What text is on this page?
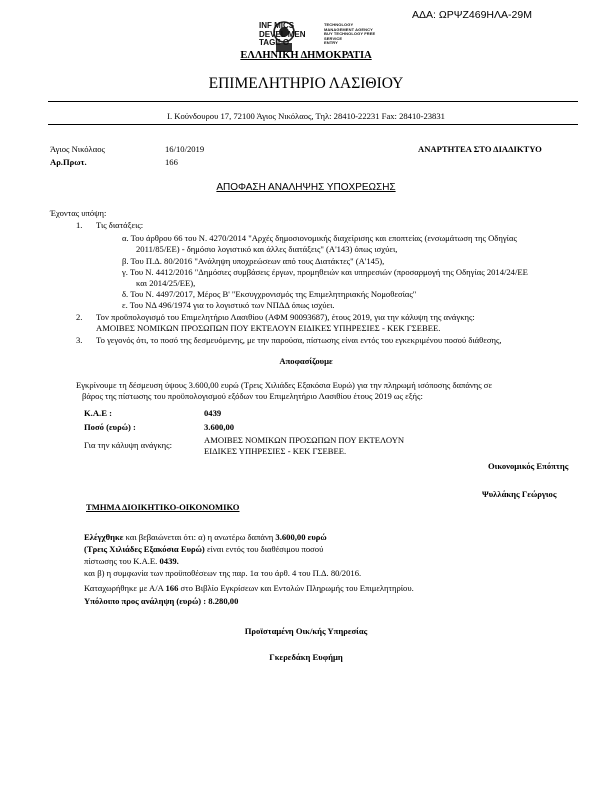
ΑΔΑ: ΩΡΨΖ469ΗΛΑ-29Μ
INF MICS
DEVEL MEN
TAGE O
TECHNOLOGY
MANAGEMENT AGENCY
BUY TECHNOLOGY FREE
SERVICE
ENTRY
ΕΛΛΗΝΙΚΗ ΔΗΜΟΚΡΑΤΙΑ
ΕΠΙΜΕΛΗΤΗΡΙΟ ΛΑΣΙΘΙΟΥ
Ι. Κούνδουρου 17, 72100 Άγιος Νικόλαος, Τηλ: 28410-22231 Fax: 28410-23831
Άγιος Νικόλαος	16/10/2019	ΑΝΑΡΤΗΤΕΑ ΣΤΟ ΔΙΑΔΙΚΤΥΟ
Αρ.Πρωτ.	166
ΑΠΟΦΑΣΗ ΑΝΑΛΗΨΗΣ ΥΠΟΧΡΕΩΣΗΣ
Έχοντας υπόψη:
1. Τις διατάξεις:
α. Του άρθρου 66 του Ν. 4270/2014 "Αρχές δημοσιονομικής διαχείρισης και εποπτείας (ενσωμάτωση της Οδηγίας
2011/85/ΕΕ) - δημόσιο λογιστικό και άλλες διατάξεις" (Α'143) όπως ισχύει,
β. Του Π.Δ. 80/2016 "Ανάληψη υποχρεώσεων από τους Διατάκτες" (Α'145),
γ. Του Ν. 4412/2016 "Δημόσιες συμβάσεις έργων, προμηθειών και υπηρεσιών (προσαρμογή της Οδηγίας 2014/24/ΕΕ
και 2014/25/ΕΕ),
δ. Του Ν. 4497/2017, Μέρος Β' "Εκσυγχρονισμός της Επιμελητηριακής Νομοθεσίας"
ε. Του ΝΔ 496/1974 για το λογιστικό των ΝΠΔΔ όπως ισχύει.
2. Τον προϋπολογισμό του Επιμελητήριο Λασιθίου (ΑΦΜ 90093687), έτους 2019, για την κάλυψη της ανάγκης:
ΑΜΟΙΒΕΣ ΝΟΜΙΚΩΝ ΠΡΟΣΩΠΩΝ ΠΟΥ ΕΚΤΕΛΟΥΝ ΕΙΔΙΚΕΣ ΥΠΗΡΕΣΙΕΣ - ΚΕΚ ΓΣΕΒΕΕ.
3. Το γεγονός ότι, το ποσό της δεσμευόμενης, με την παρούσα, πίστωσης είναι εντός του εγκεκριμένου ποσού διάθεσης,
Αποφασίζουμε
Εγκρίνουμε τη δέσμευση ύψους 3.600,00 ευρώ (Τρεις Χιλιάδες Εξακόσια Ευρώ) για την πληρωμή ισόποσης δαπάνης σε
βάρος της πίστωσης του προϋπολογισμού εξόδων του Επιμελητήριο Λασιθίου έτους 2019 ως εξής:
Κ.Α.Ε :	0439
Ποσό (ευρώ) :	3.600,00
Για την κάλυψη ανάγκης:	ΑΜΟΙΒΕΣ ΝΟΜΙΚΩΝ ΠΡΟΣΩΠΩΝ ΠΟΥ ΕΚΤΕΛΟΥΝ
ΕΙΔΙΚΕΣ ΥΠΗΡΕΣΙΕΣ - ΚΕΚ ΓΣΕΒΕΕ.
Οικονομικός Επόπτης
Ψυλλάκης Γεώργιος
ΤΜΗΜΑ ΔΙΟΙΚΗΤΙΚΟ-ΟΙΚΟΝΟΜΙΚΟ
Ελέγχθηκε και βεβαιώνεται ότι: α) η ανωτέρω δαπάνη 3.600,00 ευρώ
(Τρεις Χιλιάδες Εξακόσια Ευρώ) είναι εντός του διαθέσιμου ποσού
πίστωσης του Κ.Α.Ε. 0439.
και β) η συμφωνία των προϋποθέσεων της παρ. 1α του άρθ. 4 του Π.Δ. 80/2016.
Καταχωρήθηκε με Α/Α 166 στο Βιβλίο Εγκρίσεων και Εντολών Πληρωμής του Επιμελητηρίου.
Υπόλοιπο προς ανάληψη (ευρώ) : 8.280,00
Προϊσταμένη Οικ/κής Υπηρεσίας
Γκερεδάκη Ευφήμη
